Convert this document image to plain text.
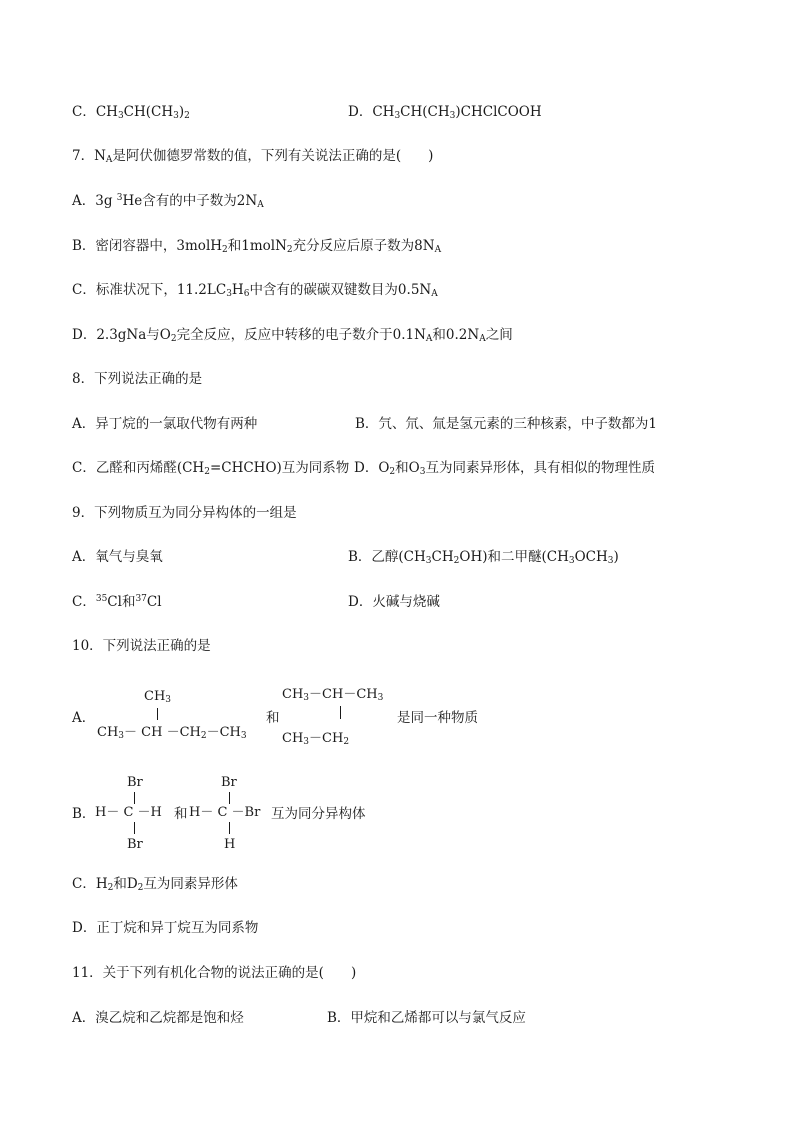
C．$CH_3CH(CH_3)_2$	D．$CH_3CH(CH_3)CHClCOOH$
7．$N_A$是阿伏伽德罗常数的值，下列有关说法正确的是(　　)
A．3g $^3$He含有的中子数为$2N_A$
B．密闭容器中，3molH$_2$和1molN$_2$充分反应后原子数为$8N_A$
C．标准状况下，$11.2LC_3H_6$中含有的碳碳双键数目为$0.5N_A$
D．2.3gNa与$O_2$完全反应，反应中转移的电子数介于$0.1N_A$和$0.2N_A$之间
8．下列说法正确的是
A．异丁烷的一氯取代物有两种	B．氕、氘、氚是氢元素的三种核素，中子数都为1
C．乙醛和丙烯醛$(CH_2=CHCHO)$互为同系物 D．$O_2$和$O_3$互为同素异形体，具有相似的物理性质
9．下列物质互为同分异构体的一组是
A．氧气与臭氧	B．乙醇$(CH_3CH_2OH)$和二甲醚$(CH_3OCH_3)$
C．$^{35}$Cl和$^{37}$Cl	D．火碱与烧碱
10．下列说法正确的是
A．
$CH_3$
$CH_3-$ CH $-CH_2-CH_3$
和
$CH_3-CH-CH_3$
$CH_3-CH_2$
是同一种物质
B．
Br
H－ C －H
Br
和
Br
H－ C －Br
H
互为同分异构体
C．$H_2$和$D_2$互为同素异形体
D．正丁烷和异丁烷互为同系物
11．关于下列有机化合物的说法正确的是(　　)
A．溴乙烷和乙烷都是饱和烃	B．甲烷和乙烯都可以与氯气反应
